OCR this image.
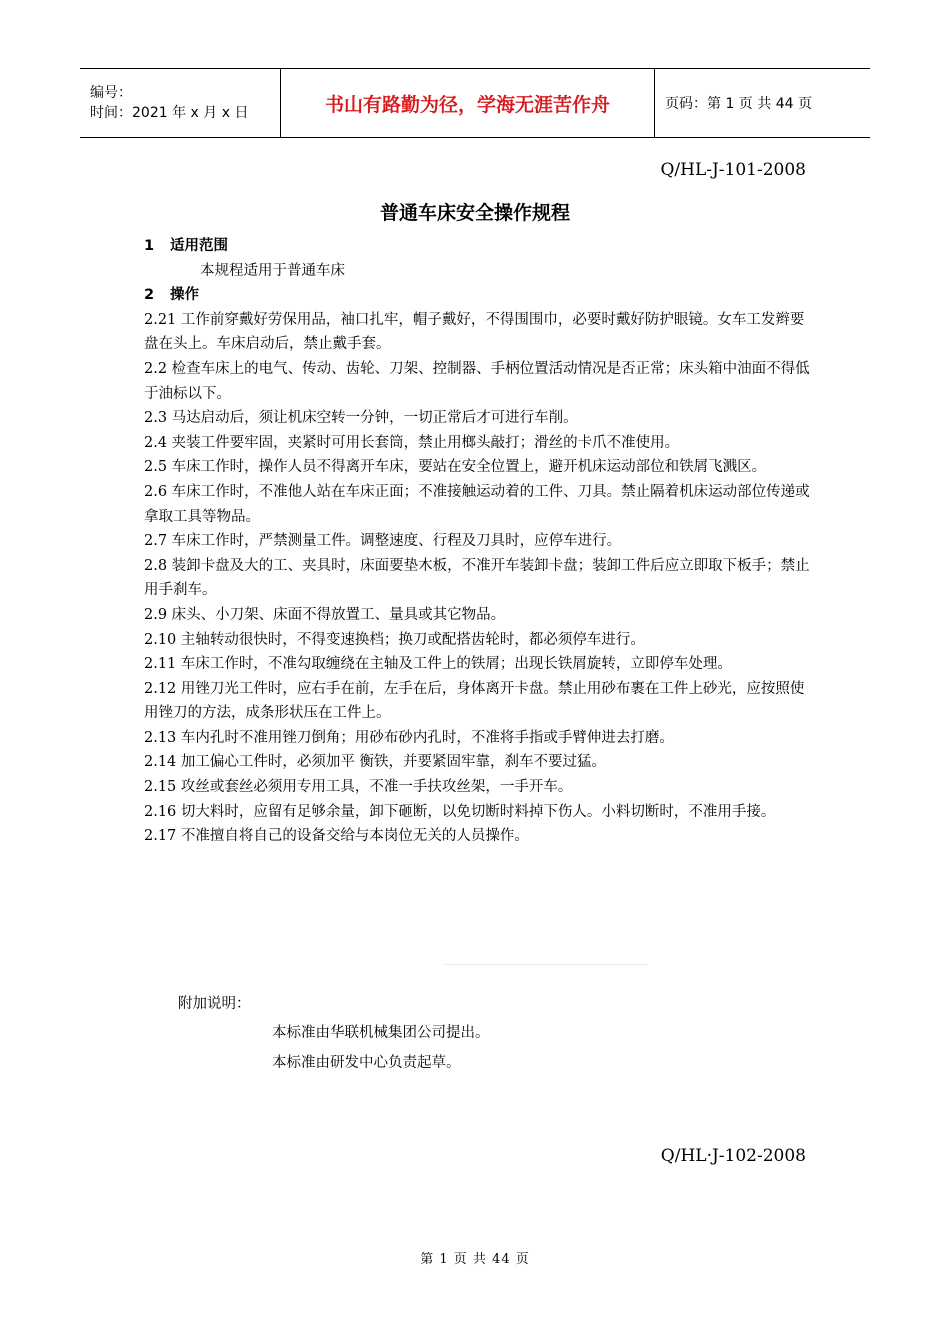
编号：
时间：2021 年 x 月 x 日	书山有路勤为径，学海无涯苦作舟	页码：第 1 页 共 44 页
Q/HL-J-101-2008
普通车床安全操作规程
1 适用范围
本规程适用于普通车床
2 操作

2.21 工作前穿戴好劳保用品，袖口扎牢，帽子戴好，不得围围巾，必要时戴好防护眼镜。女车工发辫要盘在头上。车床启动后，禁止戴手套。

2.2 检查车床上的电气、传动、齿轮、刀架、控制器、手柄位置活动情况是否正常；床头箱中油面不得低于油标以下。

2.3 马达启动后，须让机床空转一分钟，一切正常后才可进行车削。

2.4 夹装工件要牢固，夹紧时可用长套筒，禁止用榔头敲打；滑丝的卡爪不准使用。

2.5 车床工作时，操作人员不得离开车床，要站在安全位置上，避开机床运动部位和铁屑飞溅区。

2.6 车床工作时，不准他人站在车床正面；不准接触运动着的工件、刀具。禁止隔着机床运动部位传递或拿取工具等物品。

2.7 车床工作时，严禁测量工件。调整速度、行程及刀具时，应停车进行。

2.8 装卸卡盘及大的工、夹具时，床面要垫木板，不准开车装卸卡盘；装卸工件后应立即取下板手；禁止用手刹车。

2.9 床头、小刀架、床面不得放置工、量具或其它物品。

2.10 主轴转动很快时，不得变速换档；换刀或配搭齿轮时，都必须停车进行。

2.11 车床工作时，不准勾取缠绕在主轴及工件上的铁屑；出现长铁屑旋转，立即停车处理。

2.12 用锉刀光工件时，应右手在前，左手在后，身体离开卡盘。禁止用砂布裹在工件上砂光，应按照使用锉刀的方法，成条形状压在工件上。

2.13 车内孔时不准用锉刀倒角；用砂布砂内孔时，不准将手指或手臂伸进去打磨。

2.14 加工偏心工件时，必须加平 衡铁，并要紧固牢靠，刹车不要过猛。

2.15 攻丝或套丝必须用专用工具，不准一手扶攻丝架，一手开车。

2.16 切大料时，应留有足够余量，卸下砸断，以免切断时料掉下伤人。小料切断时，不准用手接。

2.17 不准擅自将自己的设备交给与本岗位无关的人员操作。

附加说明：
本标准由华联机械集团公司提出。
本标准由研发中心负责起草。
Q/HL·J-102-2008
第 1 页 共 44 页
